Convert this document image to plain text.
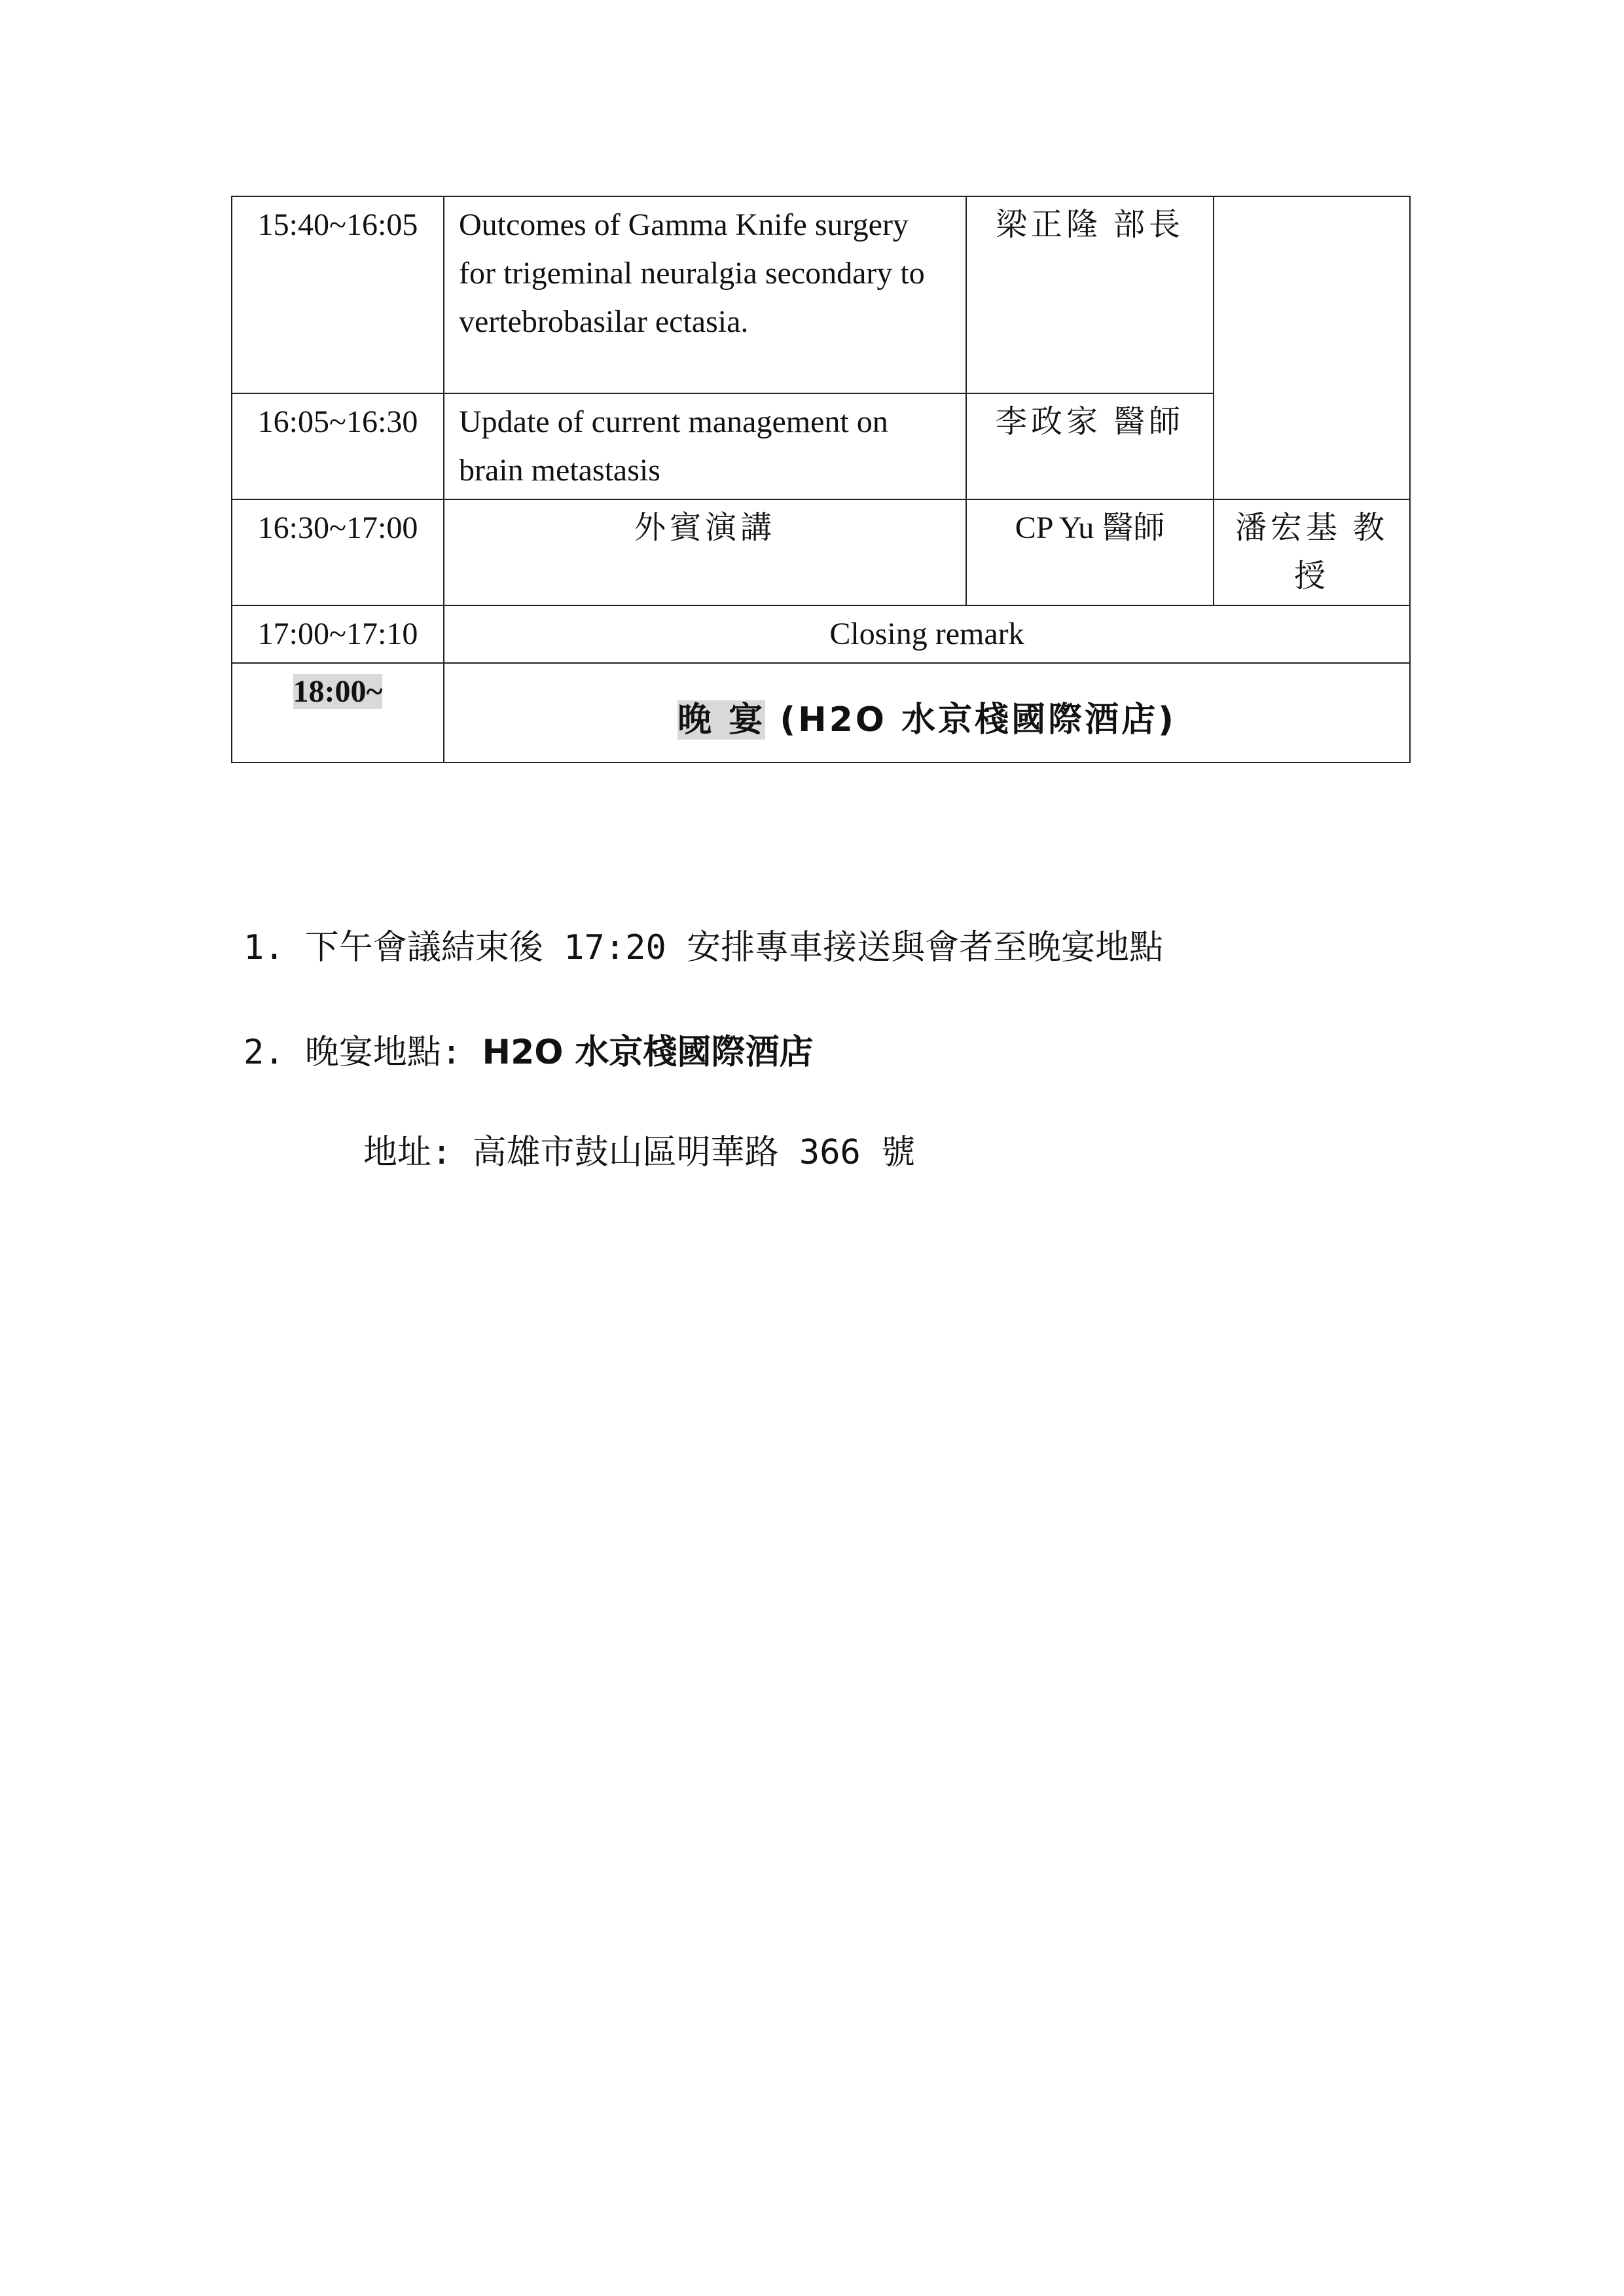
15:40~16:05	Outcomes of Gamma Knife surgery for trigeminal neuralgia secondary to vertebrobasilar ectasia.	梁正隆 部長	
16:05~16:30	Update of current management on brain metastasis	李政家 醫師	
16:30~17:00	外賓演講	CP Yu 醫師	潘宏基 教授
17:00~17:10	Closing remark		
18:00~	晚 宴 (H2O 水京棧國際酒店)		
1. 下午會議結束後 17:20 安排專車接送與會者至晚宴地點
2. 晚宴地點: H2O 水京棧國際酒店
地址: 高雄市鼓山區明華路 366 號
